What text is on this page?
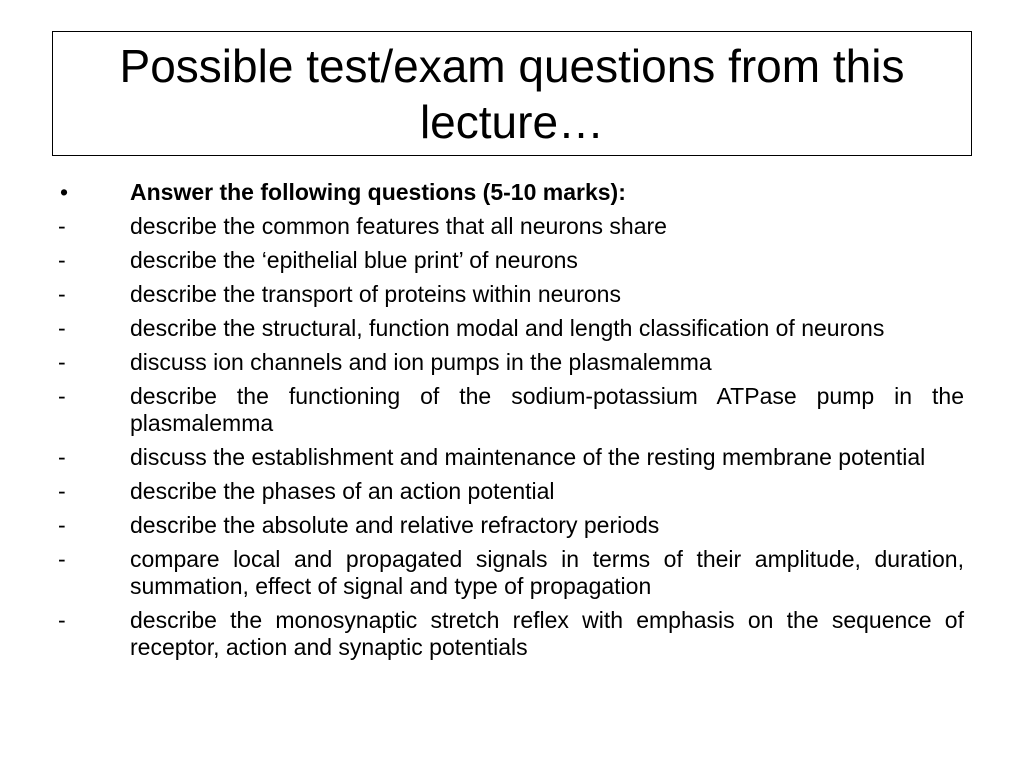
Possible test/exam questions from this lecture…
•	Answer the following questions (5-10 marks):
-	describe the common features that all neurons share
-	describe the ‘epithelial blue print’ of neurons
-	describe the transport of proteins within neurons
-	describe the structural, function modal and length classification of neurons
-	discuss ion channels and ion pumps in the plasmalemma
-	describe the functioning of the sodium-potassium ATPase pump in the plasmalemma
-	discuss the establishment and maintenance of the resting membrane potential
-	describe the phases of an action potential
-	describe the absolute and relative refractory periods
-	compare local and propagated signals in terms of their amplitude, duration, summation, effect of signal and type of propagation
-	describe the monosynaptic stretch reflex with emphasis on the sequence of receptor, action and synaptic potentials
